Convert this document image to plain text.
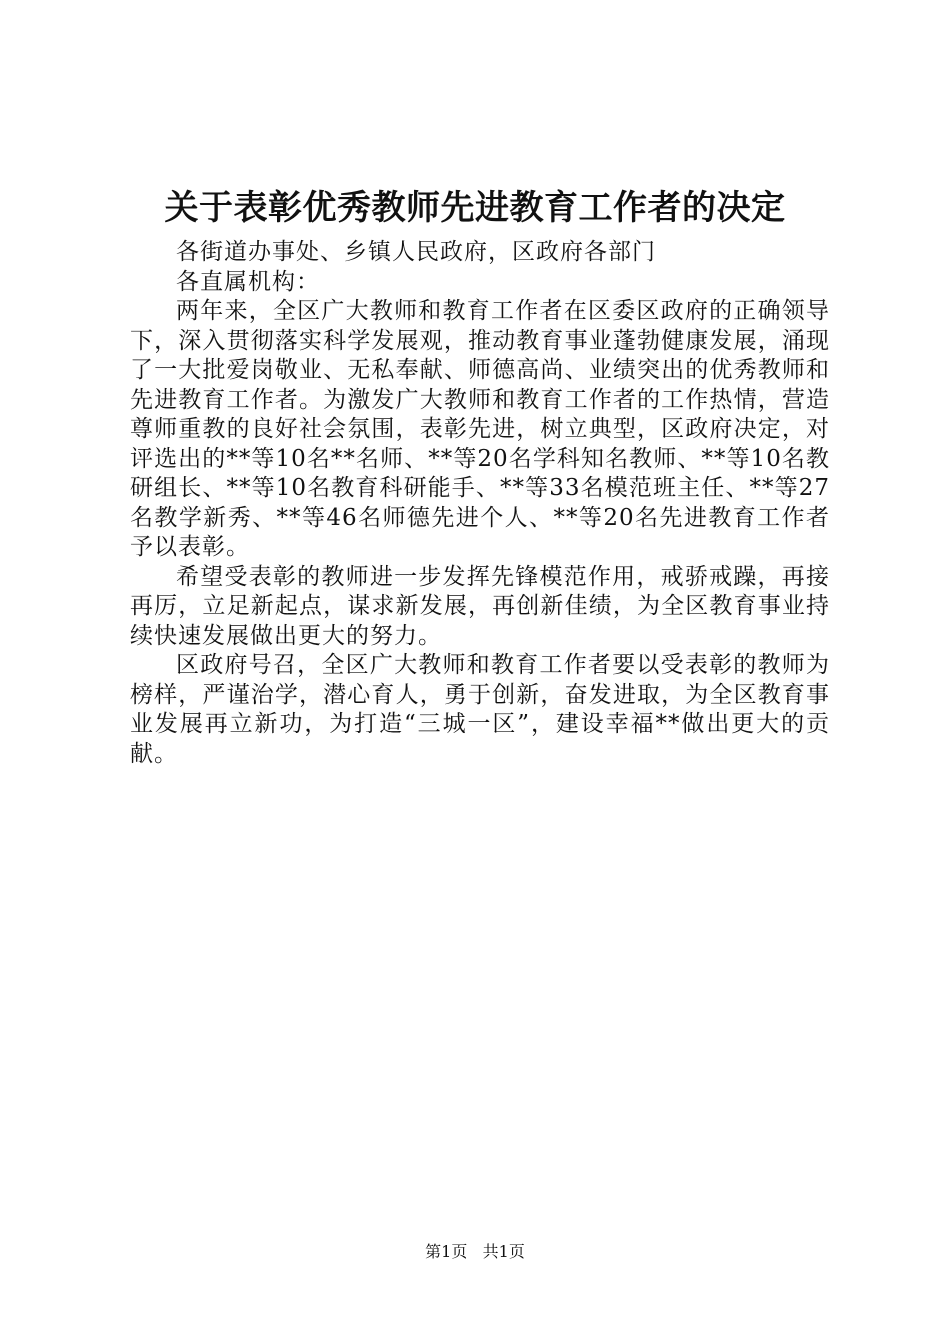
关于表彰优秀教师先进教育工作者的决定

各街道办事处、乡镇人民政府，区政府各部门

各直属机构：

两年来，全区广大教师和教育工作者在区委区政府的正确领导下，深入贯彻落实科学发展观，推动教育事业蓬勃健康发展，涌现了一大批爱岗敬业、无私奉献、师德高尚、业绩突出的优秀教师和先进教育工作者。为激发广大教师和教育工作者的工作热情，营造尊师重教的良好社会氛围，表彰先进，树立典型，区政府决定，对评选出的**等10名**名师、**等20名学科知名教师、**等10名教研组长、**等10名教育科研能手、**等33名模范班主任、**等27名教学新秀、**等46名师德先进个人、**等20名先进教育工作者予以表彰。

希望受表彰的教师进一步发挥先锋模范作用，戒骄戒躁，再接再厉，立足新起点，谋求新发展，再创新佳绩，为全区教育事业持续快速发展做出更大的努力。

区政府号召，全区广大教师和教育工作者要以受表彰的教师为榜样，严谨治学，潜心育人，勇于创新，奋发进取，为全区教育事业发展再立新功，为打造“三城一区”，建设幸福**做出更大的贡献。

第1页 共1页
